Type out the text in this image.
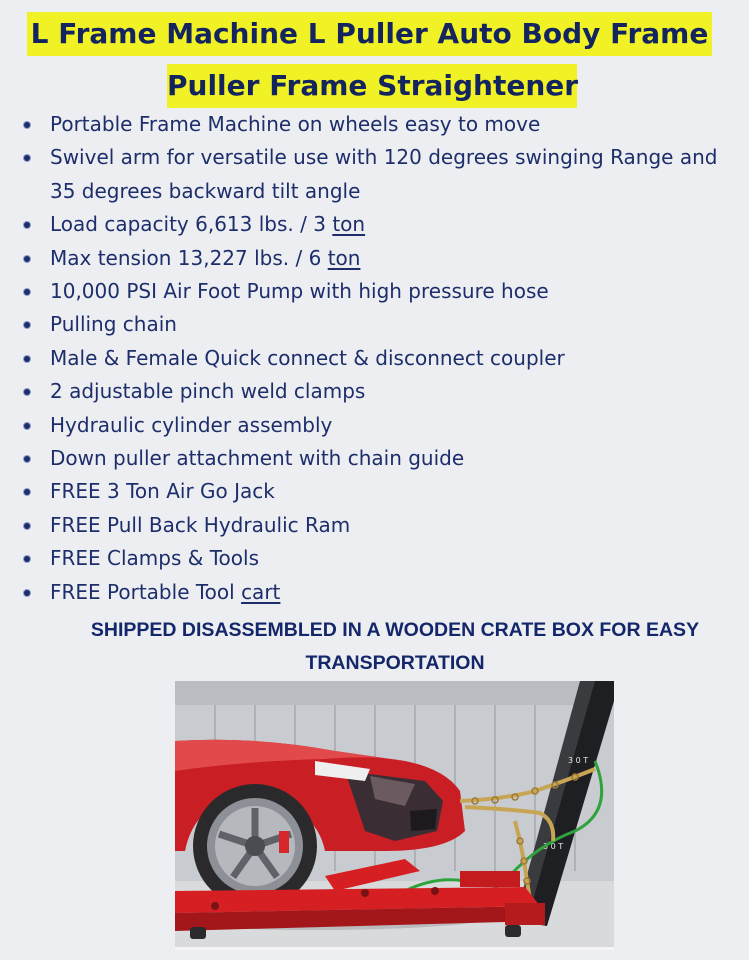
L Frame Machine L Puller Auto Body Frame
Puller Frame Straightener
Portable Frame Machine on wheels easy to move
Swivel arm for versatile use with 120 degrees swinging Range and 35 degrees backward tilt angle
Load capacity 6,613 lbs. / 3 ton
Max tension 13,227 lbs. / 6 ton
10,000 PSI Air Foot Pump with high pressure hose
Pulling chain
Male & Female Quick connect & disconnect coupler
2 adjustable pinch weld clamps
Hydraulic cylinder assembly
Down puller attachment with chain guide
FREE 3 Ton Air Go Jack
FREE Pull Back Hydraulic Ram
FREE Clamps & Tools
FREE Portable Tool cart
SHIPPED DISASSEMBLED IN A WOODEN CRATE BOX FOR EASY
TRANSPORTATION
3 0 T
3 0 T
